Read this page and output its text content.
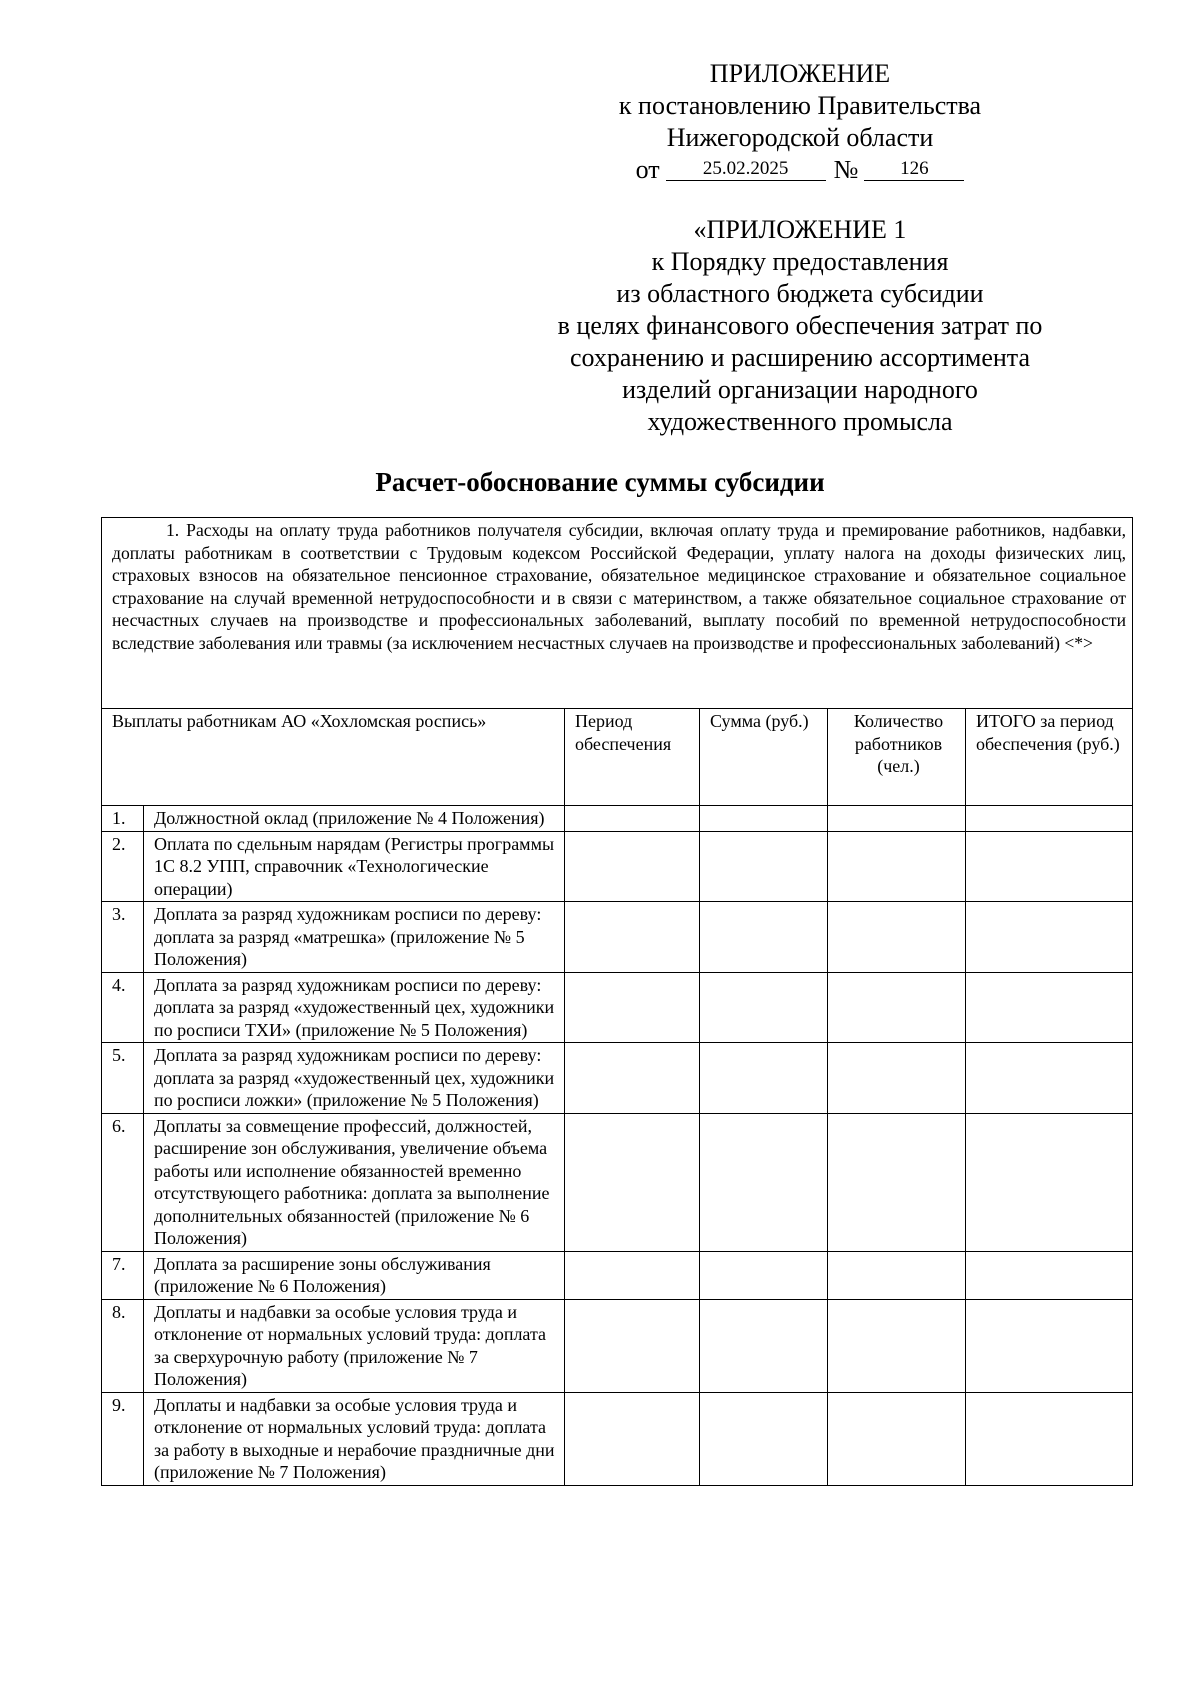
ПРИЛОЖЕНИЕ
к постановлению Правительства
Нижегородской области
от 25.02.2025 № 126
«ПРИЛОЖЕНИЕ 1
к Порядку предоставления
из областного бюджета субсидии
в целях финансового обеспечения затрат по
сохранению и расширению ассортимента
изделий организации народного
художественного промысла
Расчет-обоснование суммы субсидии
1. Расходы на оплату труда работников получателя субсидии, включая оплату труда и премирование работников, надбавки, доплаты работникам в соответствии с Трудовым кодексом Российской Федерации, уплату налога на доходы физических лиц, страховых взносов на обязательное пенсионное страхование, обязательное медицинское страхование и обязательное социальное страхование на случай временной нетрудоспособности и в связи с материнством, а также обязательное социальное страхование от несчастных случаев на производстве и профессиональных заболеваний, выплату пособий по временной нетрудоспособности вследствие заболевания или травмы (за исключением несчастных случаев на производстве и профессиональных заболеваний) <*>					
Выплаты работникам АО «Хохломская роспись»		Период обеспечения	Сумма (руб.)	Количество работников (чел.)	ИТОГО за период обеспечения (руб.)
1.	Должностной оклад (приложение № 4 Положения)				
2.	Оплата по сдельным нарядам (Регистры программы 1С 8.2 УПП, справочник «Технологические операции)				
3.	Доплата за разряд художникам росписи по дереву: доплата за разряд «матрешка» (приложение № 5 Положения)				
4.	Доплата за разряд художникам росписи по дереву: доплата за разряд «художественный цех, художники по росписи ТХИ» (приложение № 5 Положения)				
5.	Доплата за разряд художникам росписи по дереву: доплата за разряд «художественный цех, художники по росписи ложки» (приложение № 5 Положения)				
6.	Доплаты за совмещение профессий, должностей, расширение зон обслуживания, увеличение объема работы или исполнение обязанностей временно отсутствующего работника: доплата за выполнение дополнительных обязанностей (приложение № 6 Положения)				
7.	Доплата за расширение зоны обслуживания (приложение № 6 Положения)				
8.	Доплаты и надбавки за особые условия труда и отклонение от нормальных условий труда: доплата за сверхурочную работу (приложение № 7 Положения)				
9.	Доплаты и надбавки за особые условия труда и отклонение от нормальных условий труда: доплата за работу в выходные и нерабочие праздничные дни (приложение № 7 Положения)				
